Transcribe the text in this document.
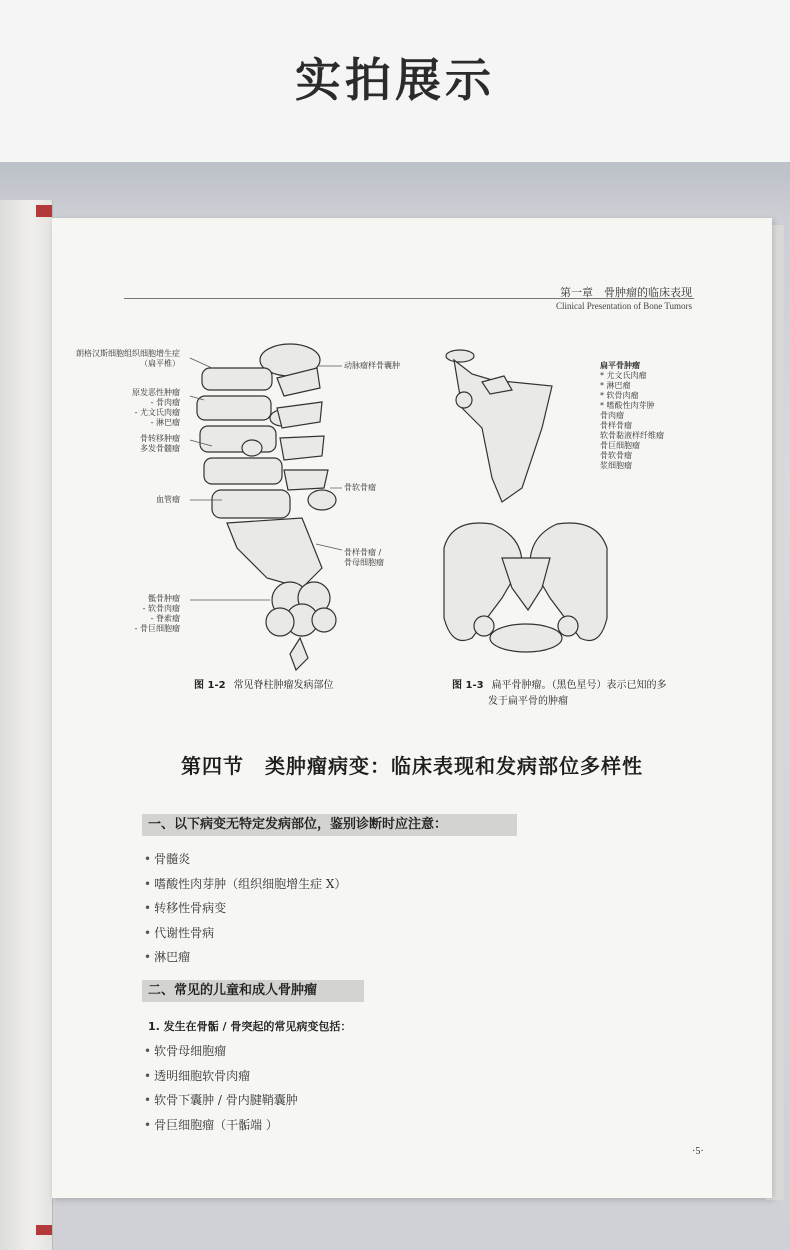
实拍展示
第一章　骨肿瘤的临床表现
Clinical Presentation of Bone Tumors
朗格汉斯细胞组织细胞增生症
（扁平椎）
原发恶性肿瘤
- 骨肉瘤
- 尤文氏肉瘤
- 淋巴瘤
骨转移肿瘤
多发骨髓瘤
血管瘤
骶骨肿瘤
- 软骨肉瘤
- 脊索瘤
- 骨巨细胞瘤
动脉瘤样骨囊肿
骨软骨瘤
骨样骨瘤 /
骨母细胞瘤
扁平骨肿瘤
* 尤文氏肉瘤
* 淋巴瘤
* 软骨肉瘤
* 嗜酸性肉芽肿
骨肉瘤
骨样骨瘤
软骨黏液样纤维瘤
骨巨细胞瘤
骨软骨瘤
浆细胞瘤
图 1-2 常见脊柱肿瘤发病部位	图 1-3 扁平骨肿瘤。（黑色星号）表示已知的多
发于扁平骨的肿瘤
第四节　类肿瘤病变：临床表现和发病部位多样性
一、以下病变无特定发病部位，鉴别诊断时应注意：
• 骨髓炎
• 嗜酸性肉芽肿（组织细胞增生症 X）
• 转移性骨病变
• 代谢性骨病
• 淋巴瘤
二、常见的儿童和成人骨肿瘤
1. 发生在骨骺 / 骨突起的常见病变包括：
• 软骨母细胞瘤
• 透明细胞软骨肉瘤
• 软骨下囊肿 / 骨内腱鞘囊肿
• 骨巨细胞瘤（干骺端 ）
·5·
